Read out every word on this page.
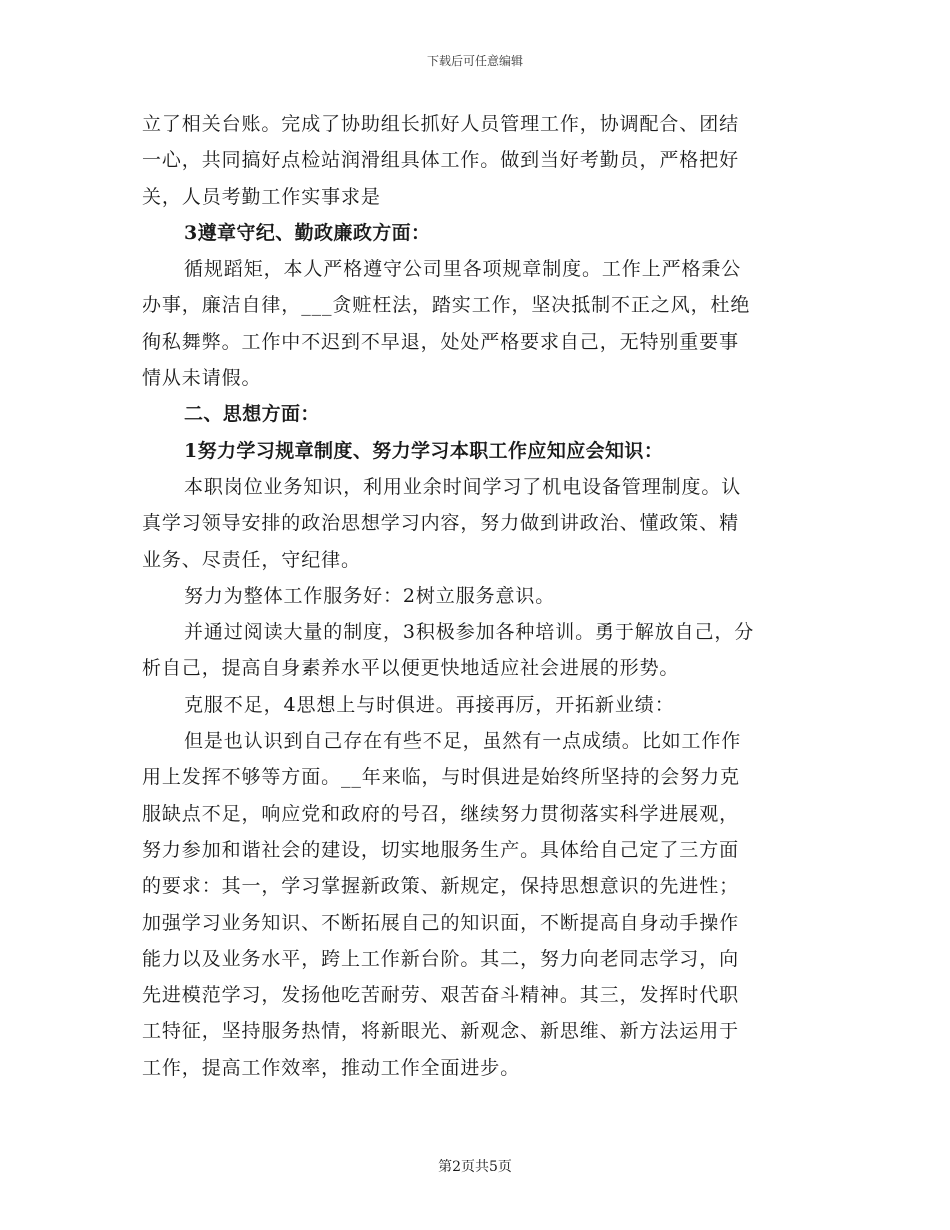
下载后可任意编辑
立了相关台账。完成了协助组长抓好人员管理工作，协调配合、团结
一心，共同搞好点检站润滑组具体工作。做到当好考勤员，严格把好
关，人员考勤工作实事求是
3遵章守纪、勤政廉政方面：
循规蹈矩，本人严格遵守公司里各项规章制度。工作上严格秉公
办事，廉洁自律，___贪赃枉法，踏实工作，坚决抵制不正之风，杜绝
徇私舞弊。工作中不迟到不早退，处处严格要求自己，无特别重要事
情从未请假。
二、思想方面：
1努力学习规章制度、努力学习本职工作应知应会知识：
本职岗位业务知识，利用业余时间学习了机电设备管理制度。认
真学习领导安排的政治思想学习内容，努力做到讲政治、懂政策、精
业务、尽责任，守纪律。
努力为整体工作服务好：2树立服务意识。
并通过阅读大量的制度，3积极参加各种培训。勇于解放自己，分
析自己，提高自身素养水平以便更快地适应社会进展的形势。
克服不足，4思想上与时俱进。再接再厉，开拓新业绩：
但是也认识到自己存在有些不足，虽然有一点成绩。比如工作作
用上发挥不够等方面。__年来临，与时俱进是始终所坚持的会努力克
服缺点不足，响应党和政府的号召，继续努力贯彻落实科学进展观，
努力参加和谐社会的建设，切实地服务生产。具体给自己定了三方面
的要求：其一，学习掌握新政策、新规定，保持思想意识的先进性；
加强学习业务知识、不断拓展自己的知识面，不断提高自身动手操作
能力以及业务水平，跨上工作新台阶。其二，努力向老同志学习，向
先进模范学习，发扬他吃苦耐劳、艰苦奋斗精神。其三，发挥时代职
工特征，坚持服务热情，将新眼光、新观念、新思维、新方法运用于
工作，提高工作效率，推动工作全面进步。
第2页共5页
